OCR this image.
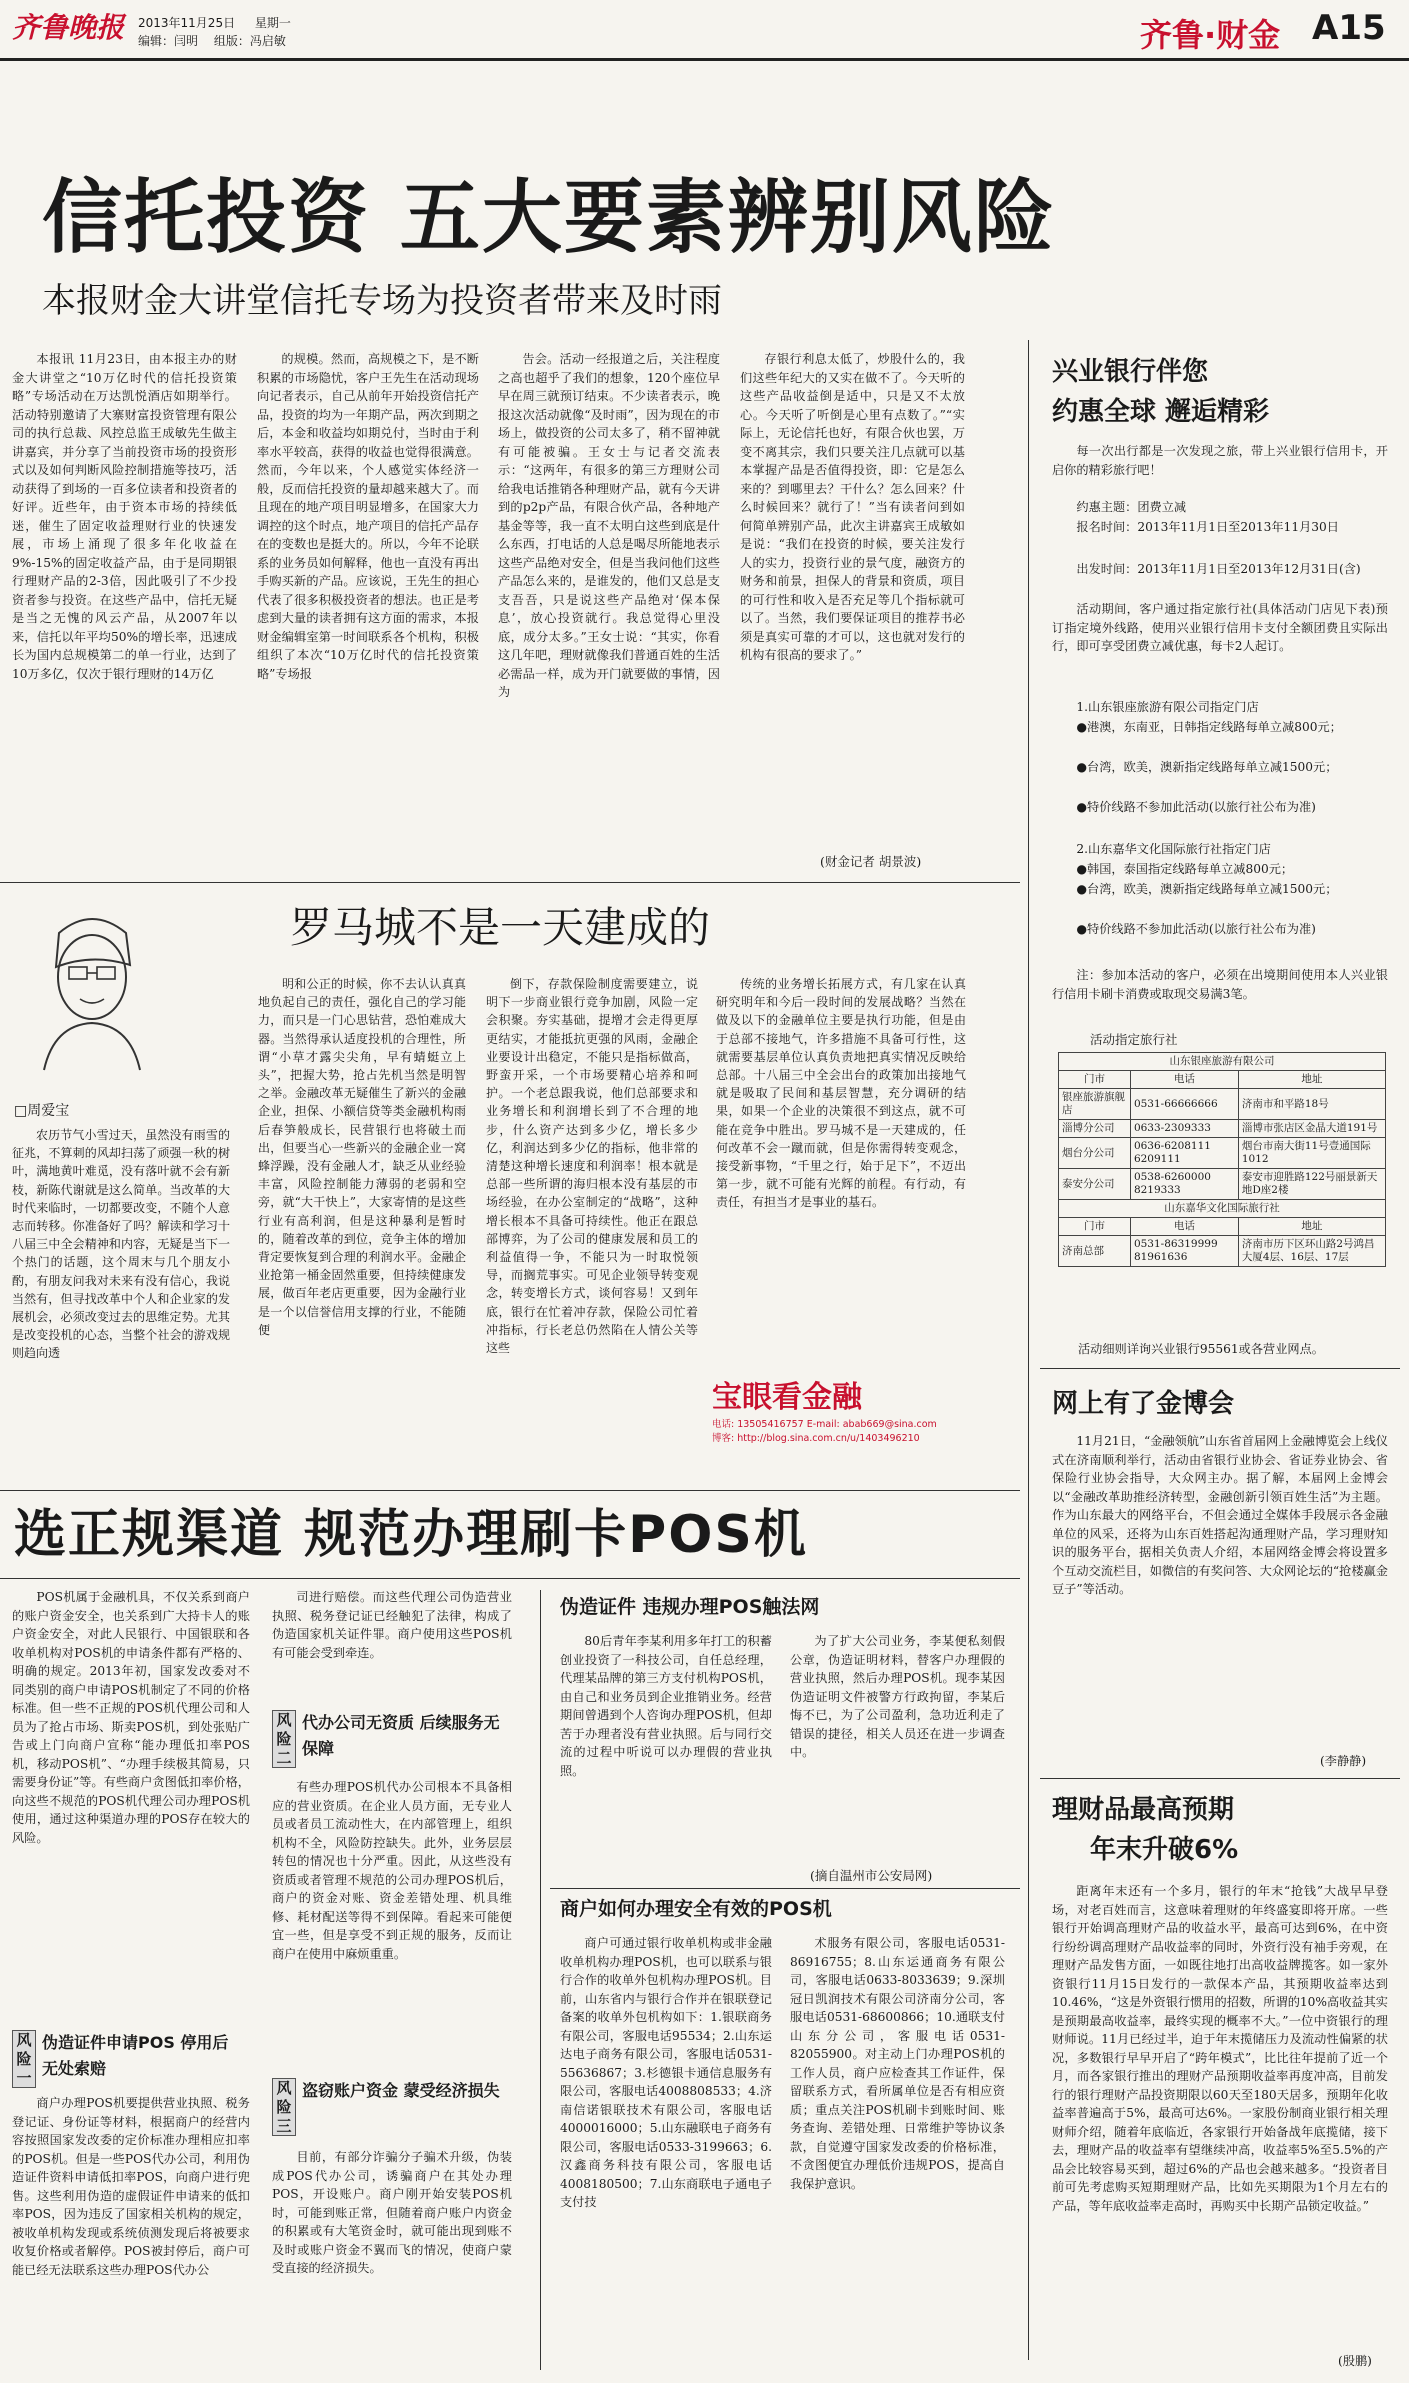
齐鲁晚报 2013年11月25日 星期一
编辑：闫明 组版：冯启敏	齐鲁·财金 A15
信托投资 五大要素辨别风险
本报财金大讲堂信托专场为投资者带来及时雨

本报讯 11月23日，由本报主办的财金大讲堂之“10万亿时代的信托投资策略”专场活动在万达凯悦酒店如期举行。活动特别邀请了大寨财富投资管理有限公司的执行总裁、风控总监王成敏先生做主讲嘉宾，并分享了当前投资市场的投资形式以及如何判断风险控制措施等技巧，活动获得了到场的一百多位读者和投资者的好评。近些年，由于资本市场的持续低迷，催生了固定收益理财行业的快速发展，市场上涌现了很多年化收益在9%-15%的固定收益产品，由于是同期银行理财产品的2-3倍，因此吸引了不少投资者参与投资。在这些产品中，信托无疑是当之无愧的风云产品，从2007年以来，信托以年平均50%的增长率，迅速成长为国内总规模第二的单一行业，达到了10万多亿，仅次于银行理财的14万亿

的规模。然而，高规模之下，是不断积累的市场隐忧，客户王先生在活动现场向记者表示，自己从前年开始投资信托产品，投资的均为一年期产品，两次到期之后，本金和收益均如期兑付，当时由于利率水平较高，获得的收益也觉得很满意。然而，今年以来，个人感觉实体经济一般，反而信托投资的量却越来越大了。而且现在的地产项目明显增多，在国家大力调控的这个时点，地产项目的信托产品存在的变数也是挺大的。所以，今年不论联系的业务员如何解释，他也一直没有再出手购买新的产品。应该说，王先生的担心代表了很多积极投资者的想法。也正是考虑到大量的读者拥有这方面的需求，本报财金编辑室第一时间联系各个机构，积极组织了本次“10万亿时代的信托投资策略”专场报

告会。活动一经报道之后，关注程度之高也超乎了我们的想象，120个座位早早在周三就预订结束。不少读者表示，晚报这次活动就像“及时雨”，因为现在的市场上，做投资的公司太多了，稍不留神就有可能被骗。王女士与记者交流表示：“这两年，有很多的第三方理财公司给我电话推销各种理财产品，就有今天讲到的p2p产品，有限合伙产品，各种地产基金等等，我一直不太明白这些到底是什么东西，打电话的人总是喝尽所能地表示这些产品绝对安全，但是当我问他们这些产品怎么来的，是谁发的，他们又总是支支吾吾，只是说这些产品绝对‘保本保息’，放心投资就行。我总觉得心里没底，成分太多。”王女士说：“其实，你看这几年吧，理财就像我们普通百姓的生活必需品一样，成为开门就要做的事情，因为

存银行利息太低了，炒股什么的，我们这些年纪大的又实在做不了。今天听的这些产品收益倒是适中，只是又不太放心。今天听了听倒是心里有点数了。”“实际上，无论信托也好，有限合伙也罢，万变不离其宗，我们只要关注几点就可以基本掌握产品是否值得投资，即：它是怎么来的？到哪里去？干什么？怎么回来？什么时候回来？就行了！”当有读者问到如何简单辨别产品，此次主讲嘉宾王成敏如是说：“我们在投资的时候，要关注发行人的实力，投资行业的景气度，融资方的财务和前景，担保人的背景和资质，项目的可行性和收入是否充足等几个指标就可以了。当然，我们要保证项目的推荐书必须是真实可靠的才可以，这也就对发行的机构有很高的要求了。”

(财金记者 胡景波)
罗马城不是一天建成的
□周爱宝

农历节气小雪过天，虽然没有雨雪的征兆，不算刺的风却扫荡了顽强一秋的树叶，满地黄叶难觅，没有落叶就不会有新枝，新陈代谢就是这么简单。当改革的大时代来临时，一切都要改变，不随个人意志而转移。你准备好了吗？解读和学习十八届三中全会精神和内容，无疑是当下一个热门的话题，这个周末与几个朋友小酌，有朋友问我对未来有没有信心，我说当然有，但寻找改革中个人和企业家的发展机会，必须改变过去的思维定势。尤其是改变投机的心态，当整个社会的游戏规则趋向透

明和公正的时候，你不去认认真真地负起自己的责任，强化自己的学习能力，而只是一门心思钻营，恐怕难成大器。当然得承认适度投机的合理性，所谓“小草才露尖尖角，早有蜻蜓立上头”，把握大势，抢占先机当然是明智之举。金融改革无疑催生了新兴的金融企业，担保、小额信贷等类金融机构雨后春笋般成长，民营银行也将破土而出，但要当心一些新兴的金融企业一窝蜂浮躁，没有金融人才，缺乏从业经验丰富，风险控制能力薄弱的老弱和空旁，就“大干快上”，大家寄情的是这些行业有高利润，但是这种暴利是暂时的，随着改革的到位，竞争主体的增加背定要恢复到合理的利润水平。金融企业抢第一桶金固然重要，但持续健康发展，做百年老店更重要，因为金融行业是一个以信誉信用支撑的行业，不能随便

倒下，存款保险制度需要建立，说明下一步商业银行竞争加剧，风险一定会积聚。夯实基础，提增才会走得更厚更结实，才能抵抗更强的风雨，金融企业要设计出稳定，不能只是指标做高，野蛮开采，一个市场要精心培养和呵护。一个老总跟我说，他们总部要求和业务增长和利润增长到了不合理的地步，什么资产达到多少亿，增长多少亿，利润达到多少亿的指标，他非常的清楚这种增长速度和利润率！根本就是总部一些所谓的海归根本没有基层的市场经验，在办公室制定的“战略”，这种增长根本不具备可持续性。他正在跟总部博弈，为了公司的健康发展和员工的利益值得一争，不能只为一时取悦领导，而搁荒事实。可见企业领导转变观念，转变增长方式，谈何容易！又到年底，银行在忙着冲存款，保险公司忙着冲指标，行长老总仍然陷在人情公关等这些

传统的业务增长拓展方式，有几家在认真研究明年和今后一段时间的发展战略？当然在做及以下的金融单位主要是执行功能，但是由于总部不接地气，许多措施不具备可行性，这就需要基层单位认真负责地把真实情况反映给总部。十八届三中全会出台的政策加出接地气就是吸取了民间和基层智慧，充分调研的结果，如果一个企业的决策很不到这点，就不可能在竞争中胜出。罗马城不是一天建成的，任何改革不会一蹴而就，但是你需得转变观念，接受新事物，“千里之行，始于足下”，不迈出第一步，就不可能有光辉的前程。有行动，有责任，有担当才是事业的基石。

宝眼看金融
电话: 13505416757 E-mail: abab669@sina.com
博客: http://blog.sina.com.cn/u/1403496210
选正规渠道 规范办理刷卡POS机

POS机属于金融机具，不仅关系到商户的账户资金安全，也关系到广大持卡人的账户资金安全，对此人民银行、中国银联和各收单机构对POS机的申请条件都有严格的、明确的规定。2013年初，国家发改委对不同类别的商户申请POS机制定了不同的价格标准。但一些不正规的POS机代理公司和人员为了抢占市场、斯卖POS机，到处张贴广告或上门向商户宣称“能办理低扣率POS机，移动POS机”、“办理手续极其简易，只需要身份证”等。有些商户贪图低扣率价格，向这些不规范的POS机代理公司办理POS机使用，通过这种渠道办理的POS存在较大的风险。

风险一
伪造证件申请POS 停用后无处索赔

商户办理POS机要提供营业执照、税务登记证、身份证等材料，根据商户的经营内容按照国家发改委的定价标准办理相应扣率的POS机。但是一些POS代办公司，利用伪造证件资料申请低扣率POS，向商户进行兜售。这些利用伪造的虚假证件申请来的低扣率POS，因为违反了国家相关机构的规定，被收单机构发现或系统侦测发现后将被要求收复价格或者解停。POS被封停后，商户可能已经无法联系这些办理POS代办公

司进行赔偿。而这些代理公司伪造营业执照、税务登记证已经触犯了法律，构成了伪造国家机关证件罪。商户使用这些POS机有可能会受到牵连。

风险二
代办公司无资质 后续服务无保障

有些办理POS机代办公司根本不具备相应的营业资质。在企业人员方面，无专业人员或者员工流动性大，在内部管理上，组织机构不全，风险防控缺失。此外，业务层层转包的情况也十分严重。因此，从这些没有资质或者管理不规范的公司办理POS机后，商户的资金对账、资金差错处理、机具维修、耗材配送等得不到保障。看起来可能便宜一些，但是享受不到正规的服务，反而让商户在使用中麻烦重重。

风险三
盗窃账户资金 蒙受经济损失

目前，有部分诈骗分子骗术升级，伪装成POS代办公司，诱骗商户在其处办理POS，开设账户。商户刚开始安装POS机时，可能到账正常，但随着商户账户内资金的积累或有大笔资金时，就可能出现到账不及时或账户资金不翼而飞的情况，使商户蒙受直接的经济损失。

伪造证件 违规办理POS触法网

80后青年李某利用多年打工的积蓄创业投资了一科技公司，自任总经理，代理某品牌的第三方支付机构POS机，由自己和业务员到企业推销业务。经营期间曾遇到个人咨询办理POS机，但却苦于办理者没有营业执照。后与同行交流的过程中听说可以办理假的营业执照。

为了扩大公司业务，李某便私刻假公章，伪造证明材料，替客户办理假的营业执照，然后办理POS机。现李某因伪造证明文件被警方行政拘留，李某后悔不已，为了公司盈利，急功近利走了错误的捷径，相关人员还在进一步调查中。

(摘自温州市公安局网)
商户如何办理安全有效的POS机

商户可通过银行收单机构或非金融收单机构办理POS机，也可以联系与银行合作的收单外包机构办理POS机。目前，山东省内与银行合作并在银联登记备案的收单外包机构如下：1.银联商务有限公司，客服电话95534；2.山东运达电子商务有限公司，客服电话0531-55636867；3.杉德银卡通信息服务有限公司，客服电话4008808533；4.济南信诺银联技术有限公司，客服电话4000016000；5.山东融联电子商务有限公司，客服电话0533-3199663；6.汉鑫商务科技有限公司，客服电话4008180500；7.山东商联电子通电子支付技

术服务有限公司，客服电话0531-86916755；8.山东运通商务有限公司，客服电话0633-8033639；9.深圳冠日凯润技术有限公司济南分公司，客服电话0531-68600866；10.通联支付山东分公司，客服电话0531-82055900。对主动上门办理POS机的工作人员，商户应检查其工作证件，保留联系方式，看所属单位是否有相应资质；重点关注POS机刷卡到账时间、账务查询、差错处理、日常维护等协议条款，自觉遵守国家发改委的价格标准，不贪图便宜办理低价违规POS，提高自我保护意识。

兴业银行伴您
约惠全球 邂逅精彩

每一次出行都是一次发现之旅，带上兴业银行信用卡，开启你的精彩旅行吧！

约惠主题：团费立减

报名时间：2013年11月1日至2013年11月30日

出发时间：2013年11月1日至2013年12月31日(含)

活动期间，客户通过指定旅行社(具体活动门店见下表)预订指定境外线路，使用兴业银行信用卡支付全额团费且实际出行，即可享受团费立减优惠，每卡2人起订。

1.山东银座旅游有限公司指定门店

●港澳，东南亚，日韩指定线路每单立减800元；

●台湾，欧美，澳新指定线路每单立减1500元；

●特价线路不参加此活动(以旅行社公布为准)

2.山东嘉华文化国际旅行社指定门店

●韩国，泰国指定线路每单立减800元；

●台湾，欧美，澳新指定线路每单立减1500元；

●特价线路不参加此活动(以旅行社公布为准)

注：参加本活动的客户，必须在出境期间使用本人兴业银行信用卡刷卡消费或取现交易满3笔。

活动指定旅行社
山东银座旅游有限公司		
门市	电话	地址
银座旅游旗舰店	0531-66666666	济南市和平路18号
淄博分公司	0633-2309333	淄博市张店区金晶大道191号
烟台分公司	0636-6208111 6209111	烟台市南大街11号壹通国际1012
泰安分公司	0538-6260000 8219333	泰安市迎胜路122号丽景新天地D座2楼
山东嘉华文化国际旅行社		
门市	电话	地址
济南总部	0531-86319999 81961636	济南市历下区环山路2号鸿昌大厦4层、16层、17层
活动细则详询兴业银行95561或各营业网点。
网上有了金博会

11月21日，“金融领航”山东省首届网上金融博览会上线仪式在济南顺利举行，活动由省银行业协会、省证券业协会、省保险行业协会指导，大众网主办。据了解，本届网上金博会以“金融改革助推经济转型，金融创新引领百姓生活”为主题。作为山东最大的网络平台，不但会通过全媒体手段展示各金融单位的风采，还将为山东百姓搭起沟通理财产品，学习理财知识的服务平台，据相关负责人介绍，本届网络金博会将设置多个互动交流栏目，如微信的有奖问答、大众网论坛的“抢楼赢金豆子”等活动。

(李静静)
理财品最高预期
年末升破6%

距离年末还有一个多月，银行的年末“抢钱”大战早早登场，对老百姓而言，这意味着理财的年终盛宴即将开席。一些银行开始调高理财产品的收益水平，最高可达到6%，在中资行纷纷调高理财产品收益率的同时，外资行没有袖手旁观，在理财产品发售方面，一如既往地打出高收益牌揽客。如一家外资银行11月15日发行的一款保本产品，其预期收益率达到10.46%，“这是外资银行惯用的招数，所谓的10%高收益其实是预期最高收益率，最终实现的概率不大。”一位中资银行的理财师说。11月已经过半，迫于年末揽储压力及流动性偏紧的状况，多数银行早早开启了“跨年模式”，比比往年提前了近一个月，而各家银行推出的理财产品预期收益率再度冲高，目前发行的银行理财产品投资期限以60天至180天居多，预期年化收益率普遍高于5%，最高可达6%。一家股份制商业银行相关理财师介绍，随着年底临近，各家银行开始备战年底揽储，接下去，理财产品的收益率有望继续冲高，收益率5%至5.5%的产品会比较容易买到，超过6%的产品也会越来越多。“投资者目前可先考虑购买短期理财产品，比如先买期限为1个月左右的产品，等年底收益率走高时，再购买中长期产品锁定收益。”

(殷鹏)
